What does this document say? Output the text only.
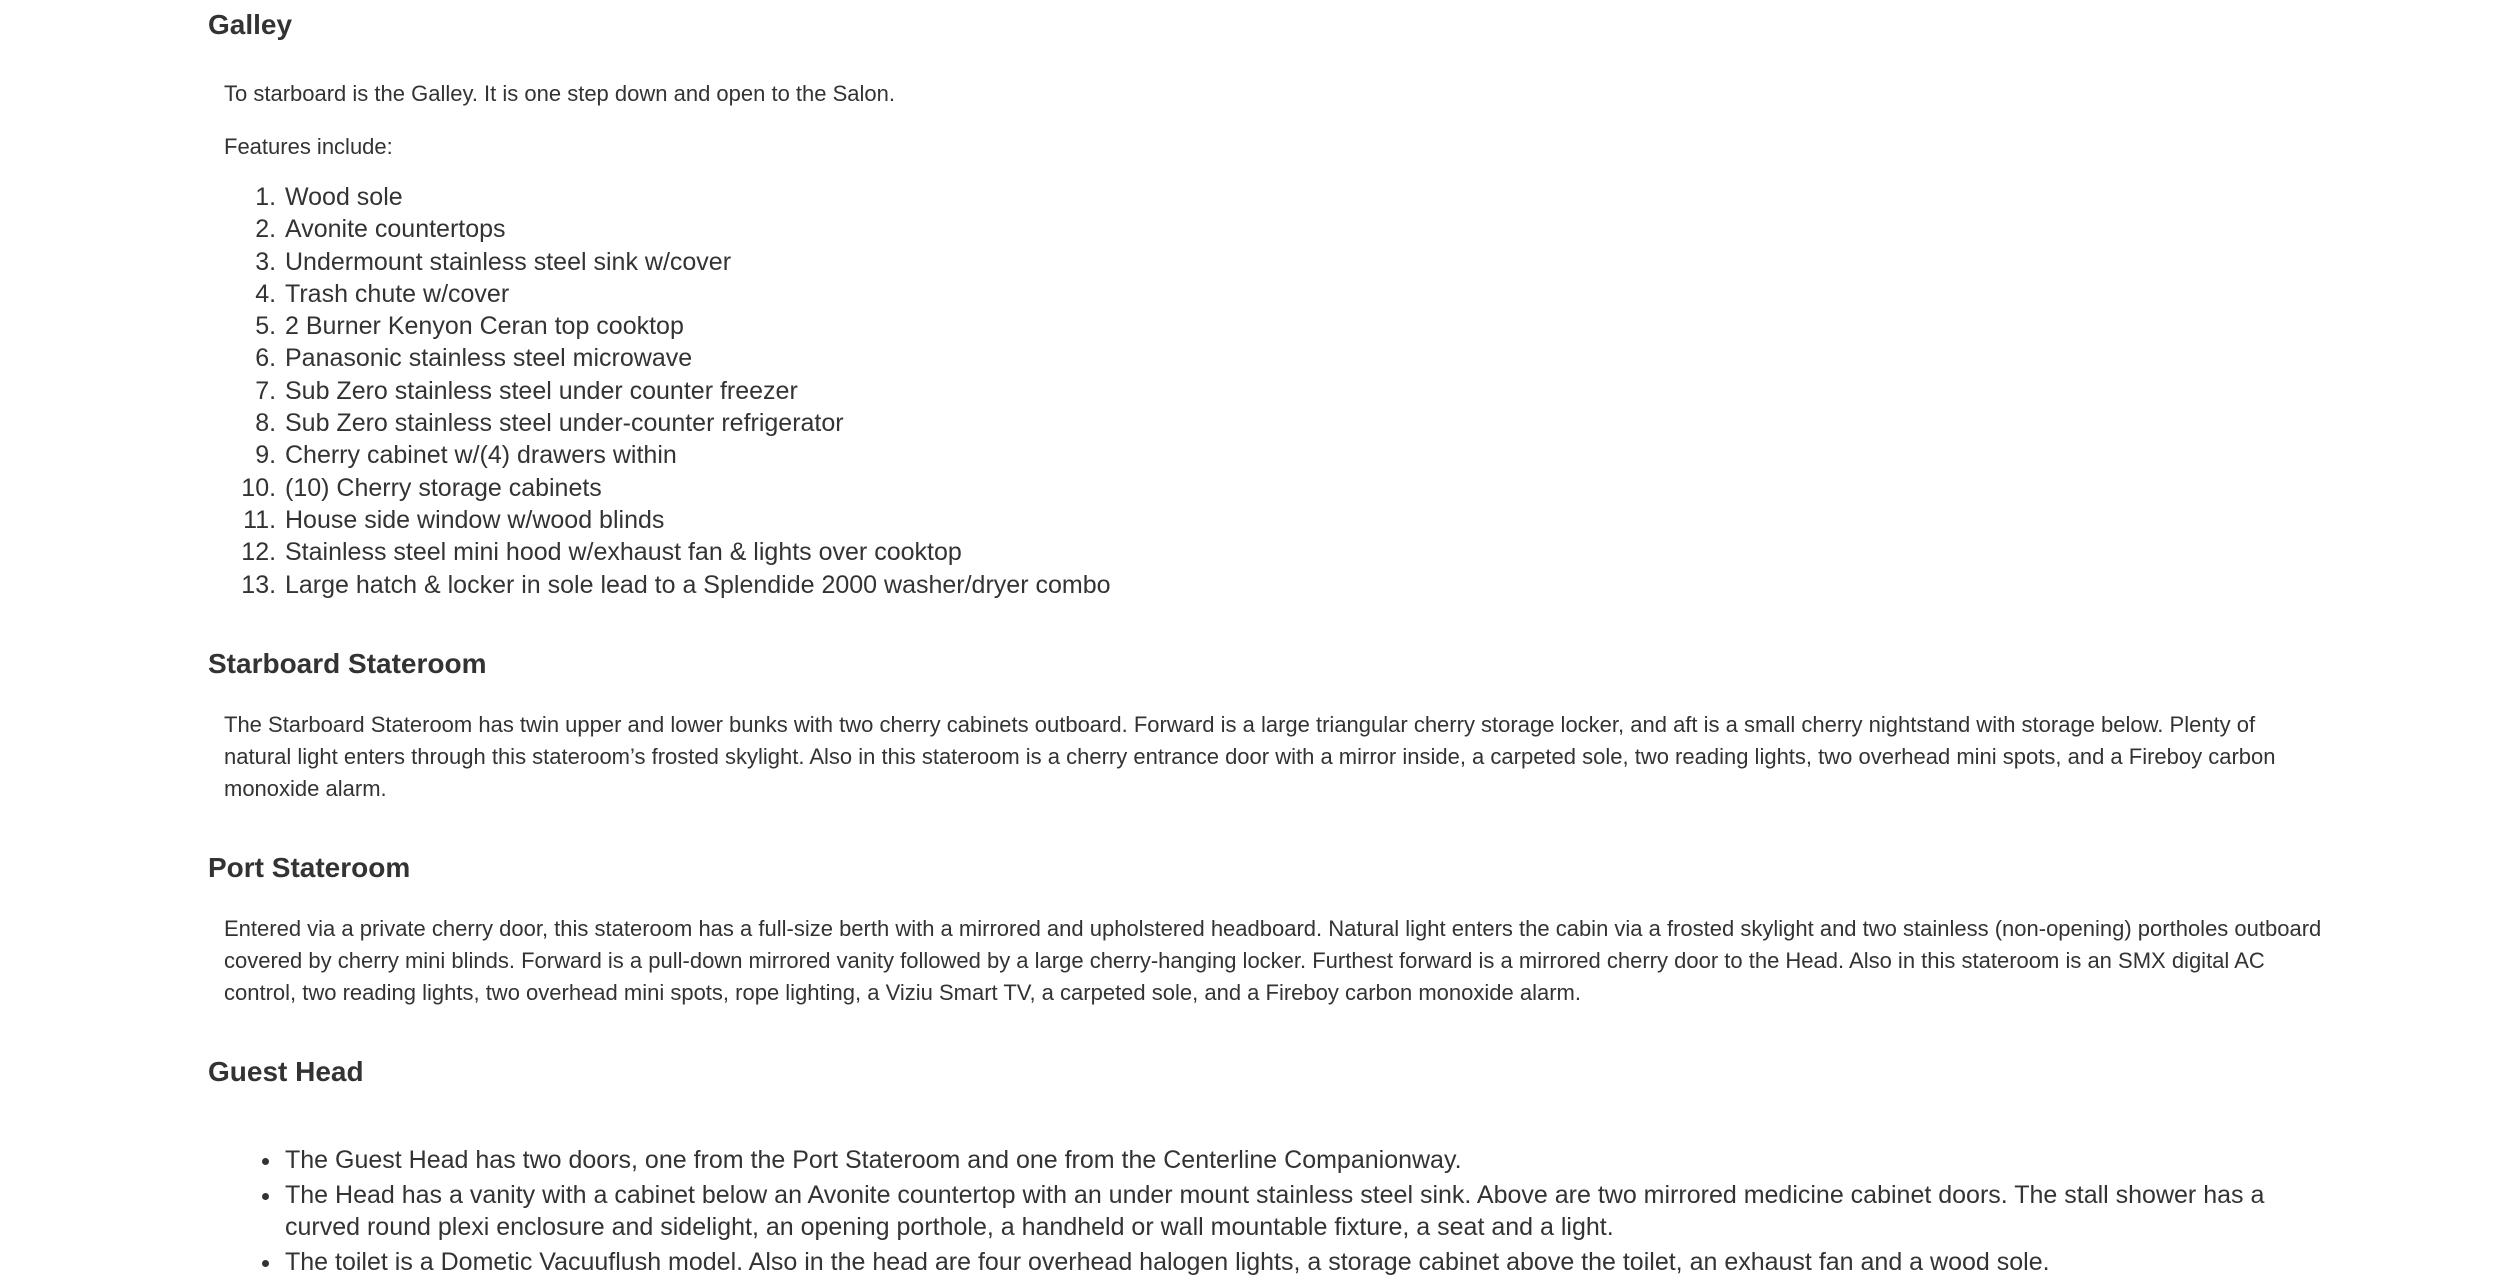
Galley

To starboard is the Galley. It is one step down and open to the Salon.

Features include:

1. Wood sole
2. Avonite countertops
3. Undermount stainless steel sink w/cover
4. Trash chute w/cover
5. 2 Burner Kenyon Ceran top cooktop
6. Panasonic stainless steel microwave
7. Sub Zero stainless steel under counter freezer
8. Sub Zero stainless steel under-counter refrigerator
9. Cherry cabinet w/(4) drawers within
10. (10) Cherry storage cabinets
11. House side window w/wood blinds
12. Stainless steel mini hood w/exhaust fan & lights over cooktop
13. Large hatch & locker in sole lead to a Splendide 2000 washer/dryer combo
Starboard Stateroom

The Starboard Stateroom has twin upper and lower bunks with two cherry cabinets outboard. Forward is a large triangular cherry storage locker, and aft is a small cherry nightstand with storage below. Plenty of natural light enters through this stateroom’s frosted skylight. Also in this stateroom is a cherry entrance door with a mirror inside, a carpeted sole, two reading lights, two overhead mini spots, and a Fireboy carbon monoxide alarm.

Port Stateroom

Entered via a private cherry door, this stateroom has a full-size berth with a mirrored and upholstered headboard. Natural light enters the cabin via a frosted skylight and two stainless (non-opening) portholes outboard covered by cherry mini blinds. Forward is a pull-down mirrored vanity followed by a large cherry-hanging locker. Furthest forward is a mirrored cherry door to the Head. Also in this stateroom is an SMX digital AC control, two reading lights, two overhead mini spots, rope lighting, a Viziu Smart TV, a carpeted sole, and a Fireboy carbon monoxide alarm.

Guest Head
• The Guest Head has two doors, one from the Port Stateroom and one from the Centerline Companionway.
• The Head has a vanity with a cabinet below an Avonite countertop with an under mount stainless steel sink. Above are two mirrored medicine cabinet doors. The stall shower has a curved round plexi enclosure and sidelight, an opening porthole, a handheld or wall mountable fixture, a seat and a light.
• The toilet is a Dometic Vacuuflush model. Also in the head are four overhead halogen lights, a storage cabinet above the toilet, an exhaust fan and a wood sole.
